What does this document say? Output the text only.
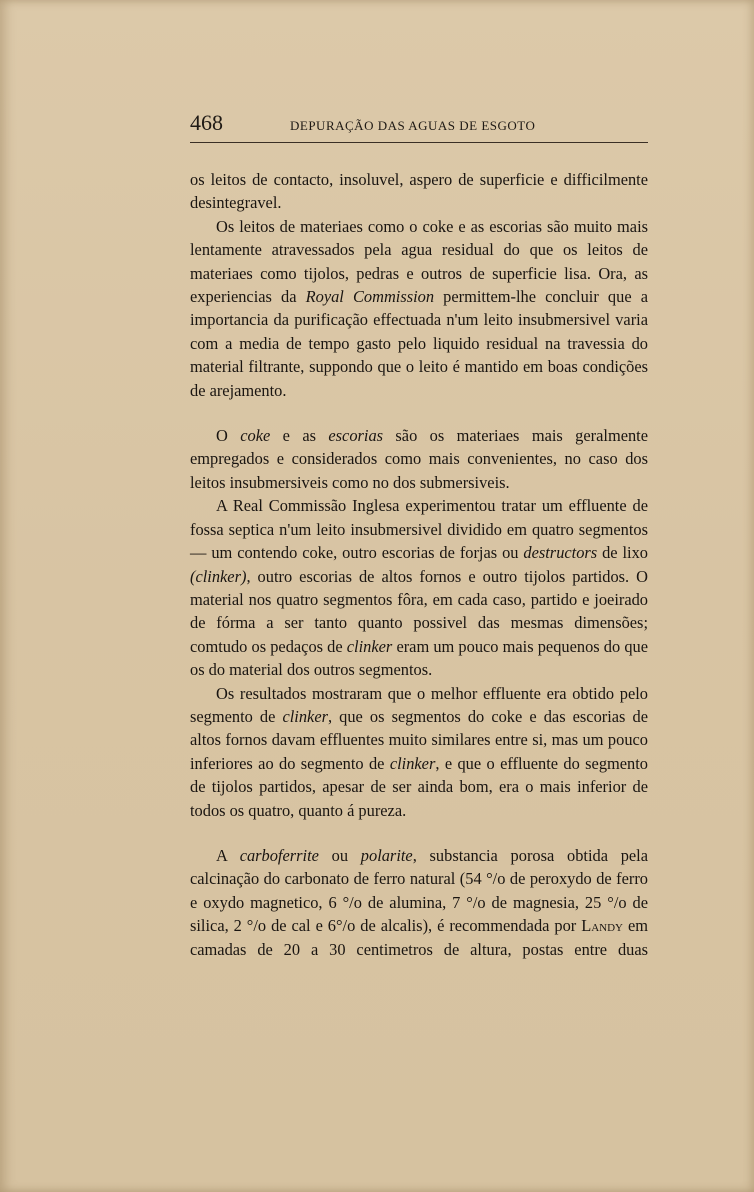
468	DEPURAÇÃO DAS AGUAS DE ESGOTO

os leitos de contacto, insoluvel, aspero de superficie e difficilmente desintegravel.

Os leitos de materiaes como o coke e as escorias são muito mais lentamente atravessados pela agua residual do que os leitos de materiaes como tijolos, pedras e outros de superficie lisa. Ora, as experiencias da Royal Commission permittem-lhe concluir que a importancia da purificação effectuada n'um leito insubmersivel varia com a media de tempo gasto pelo liquido residual na travessia do material filtrante, suppondo que o leito é mantido em boas condições de arejamento.

O coke e as escorias são os materiaes mais geralmente empregados e considerados como mais convenientes, no caso dos leitos insubmersiveis como no dos submersiveis.

A Real Commissão Inglesa experimentou tratar um effluente de fossa septica n'um leito insubmersivel dividido em quatro segmentos — um contendo coke, outro escorias de forjas ou destructors de lixo (clinker), outro escorias de altos fornos e outro tijolos partidos. O material nos quatro segmentos fôra, em cada caso, partido e joeirado de fórma a ser tanto quanto possivel das mesmas dimensões; comtudo os pedaços de clinker eram um pouco mais pequenos do que os do material dos outros segmentos.

Os resultados mostraram que o melhor effluente era obtido pelo segmento de clinker, que os segmentos do coke e das escorias de altos fornos davam effluentes muito similares entre si, mas um pouco inferiores ao do segmento de clinker, e que o effluente do segmento de tijolos partidos, apesar de ser ainda bom, era o mais inferior de todos os quatro, quanto á pureza.

A carboferrite ou polarite, substancia porosa obtida pela calcinação do carbonato de ferro natural (54 °/o de peroxydo de ferro e oxydo magnetico, 6 °/o de alumina, 7 °/o de magnesia, 25 °/o de silica, 2 °/o de cal e 6°/o de alcalis), é recommendada por Landy em camadas de 20 a 30 centimetros de altura, postas entre duas
